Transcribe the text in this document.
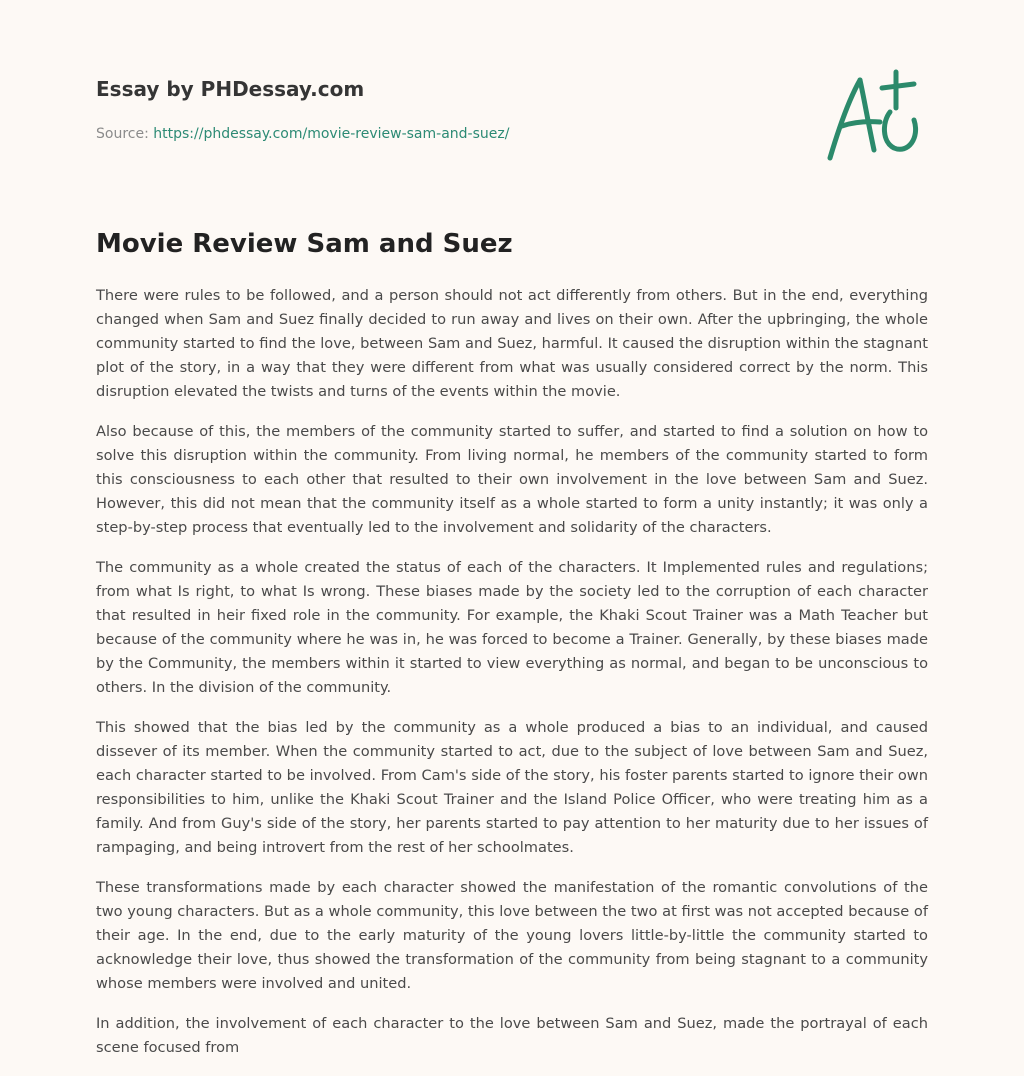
Essay by PHDessay.com
Source: https://phdessay.com/movie-review-sam-and-suez/
Movie Review Sam and Suez

There were rules to be followed, and a person should not act differently from others. But in the end, everything changed when Sam and Suez finally decided to run away and lives on their own. After the upbringing, the whole community started to find the love, between Sam and Suez, harmful. It caused the disruption within the stagnant plot of the story, in a way that they were different from what was usually considered correct by the norm. This disruption elevated the twists and turns of the events within the movie.

Also because of this, the members of the community started to suffer, and started to find a solution on how to solve this disruption within the community. From living normal, he members of the community started to form this consciousness to each other that resulted to their own involvement in the love between Sam and Suez. However, this did not mean that the community itself as a whole started to form a unity instantly; it was only a step-by-step process that eventually led to the involvement and solidarity of the characters.

The community as a whole created the status of each of the characters. It Implemented rules and regulations; from what Is right, to what Is wrong. These biases made by the society led to the corruption of each character that resulted in heir fixed role in the community. For example, the Khaki Scout Trainer was a Math Teacher but because of the community where he was in, he was forced to become a Trainer. Generally, by these biases made by the Community, the members within it started to view everything as normal, and began to be unconscious to others. In the division of the community.

This showed that the bias led by the community as a whole produced a bias to an individual, and caused dissever of its member. When the community started to act, due to the subject of love between Sam and Suez, each character started to be involved. From Cam's side of the story, his foster parents started to ignore their own responsibilities to him, unlike the Khaki Scout Trainer and the Island Police Officer, who were treating him as a family. And from Guy's side of the story, her parents started to pay attention to her maturity due to her issues of rampaging, and being introvert from the rest of her schoolmates.

These transformations made by each character showed the manifestation of the romantic convolutions of the two young characters. But as a whole community, this love between the two at first was not accepted because of their age. In the end, due to the early maturity of the young lovers little-by-little the community started to acknowledge their love, thus showed the transformation of the community from being stagnant to a community whose members were involved and united.

In addition, the involvement of each character to the love between Sam and Suez, made the portrayal of each scene focused from
